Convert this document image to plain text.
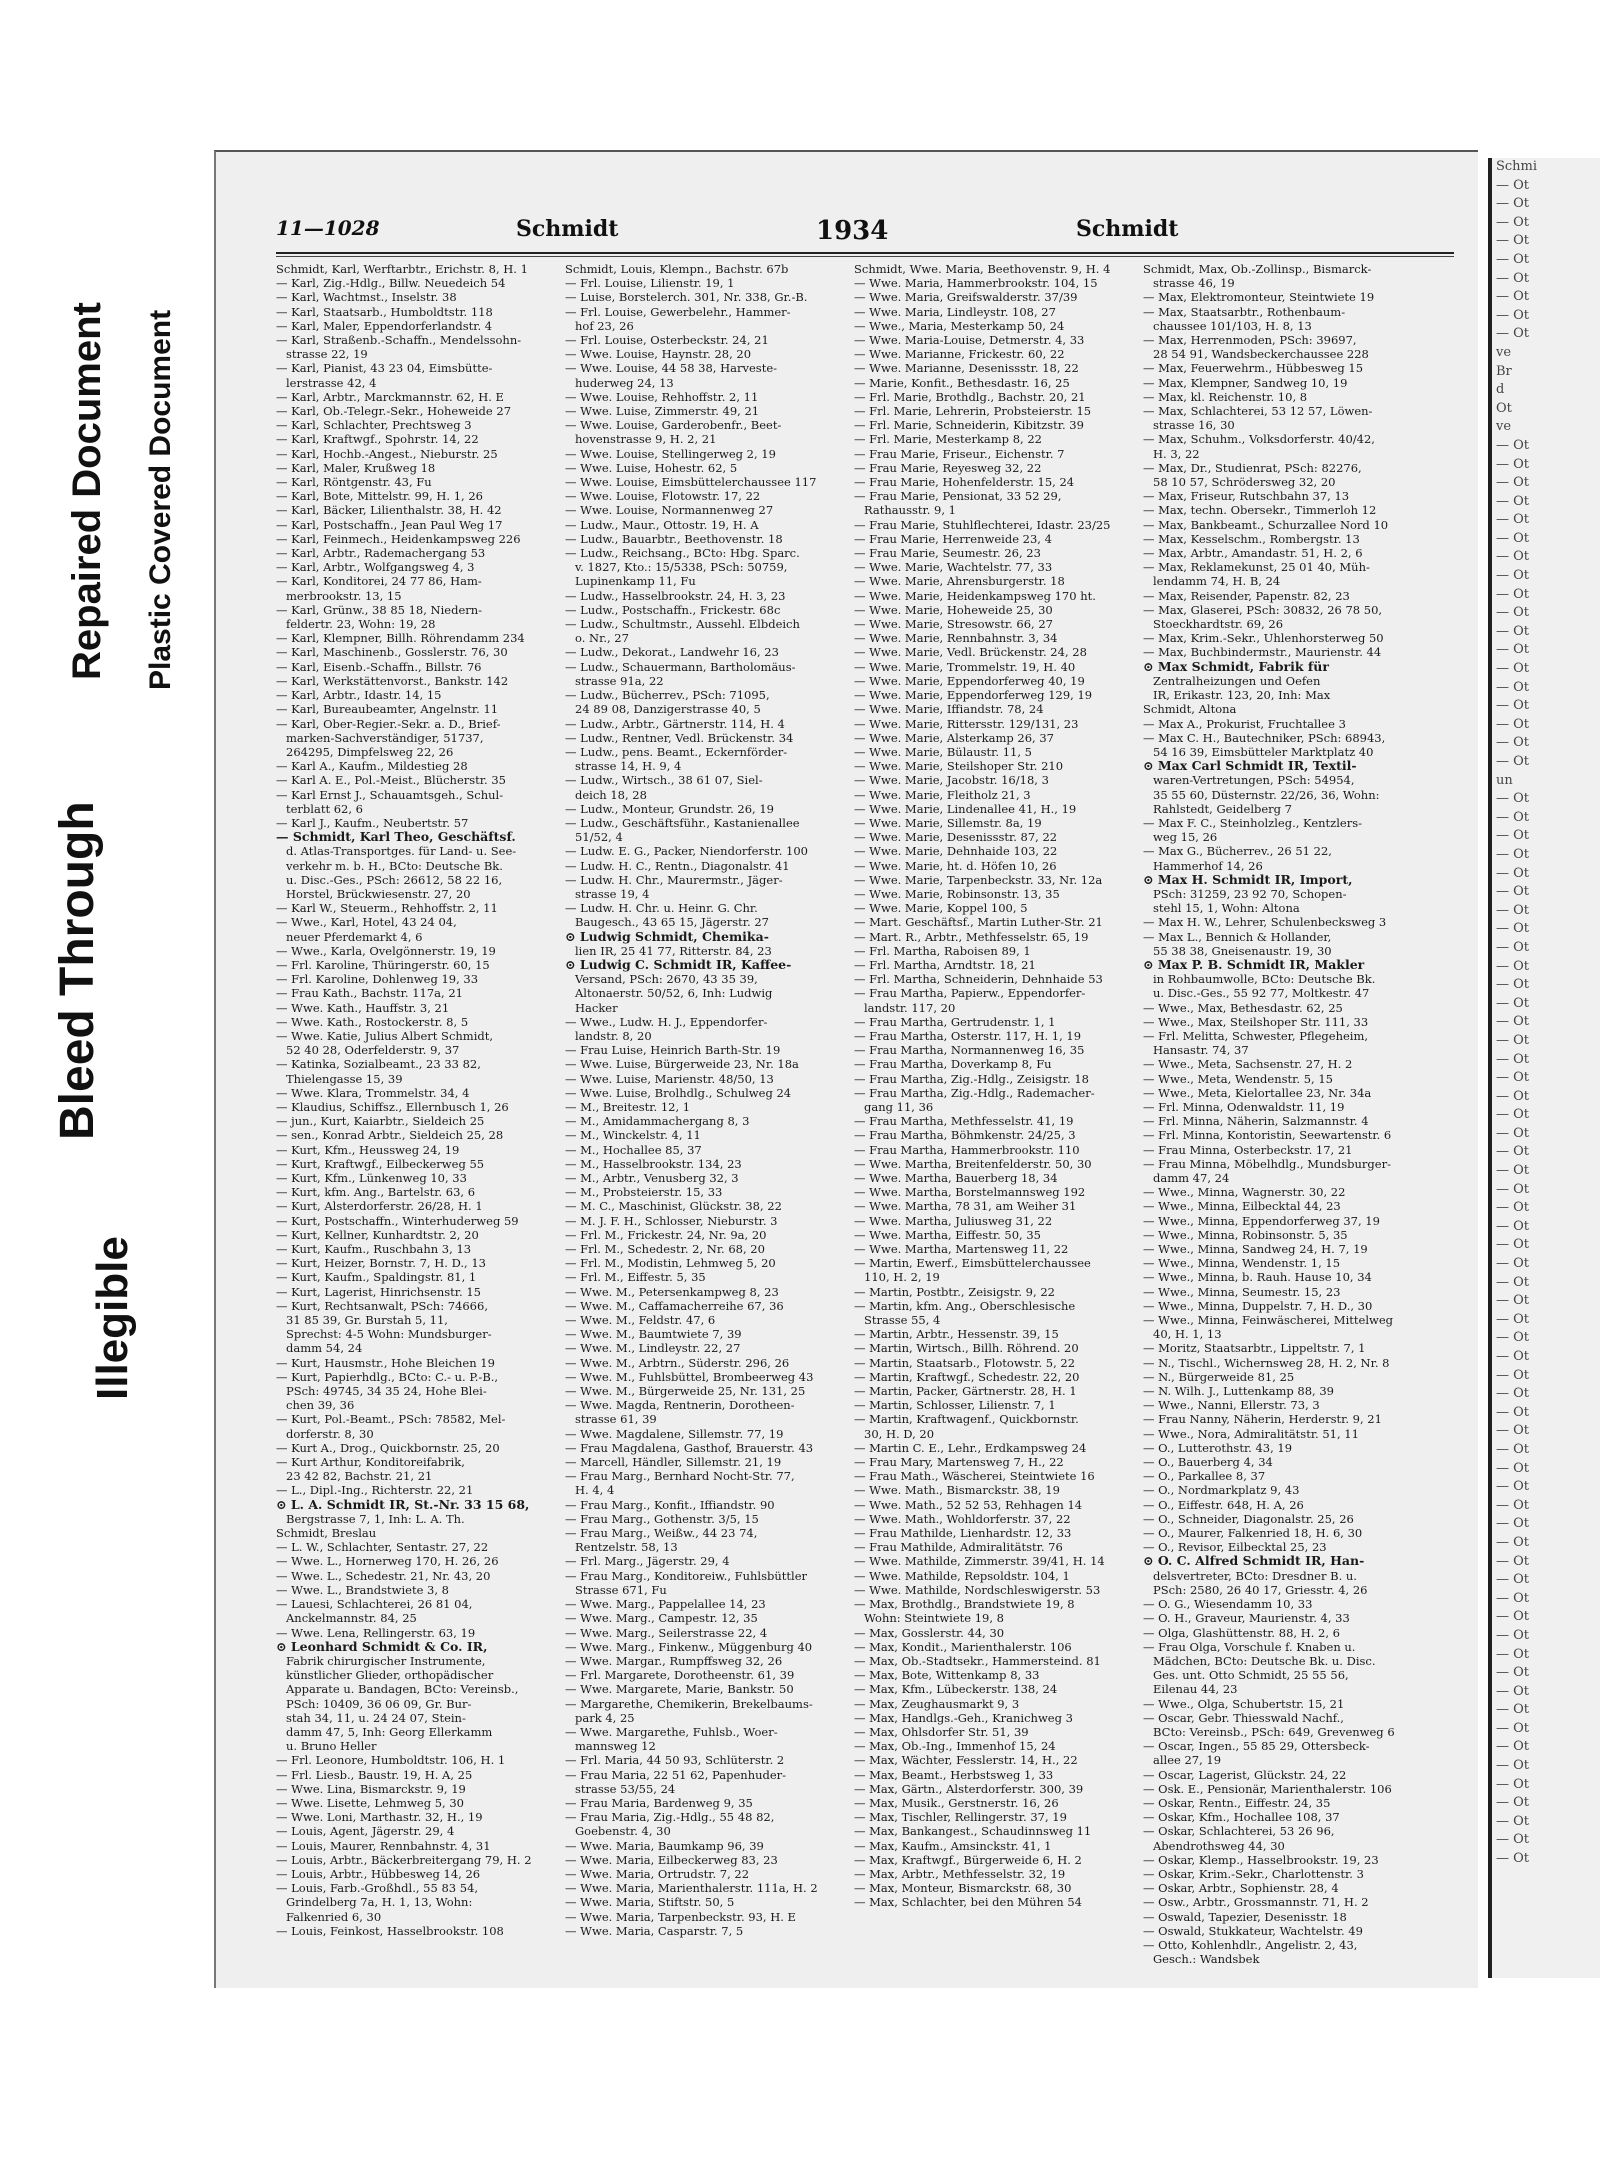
Illegible
Bleed Through
Repaired Document Plastic Covered Document
11—1028	Schmidt	1934	Schmidt

Schmidt, Karl, Werftarbtr., Erichstr. 8, H. 1

— Karl, Zig.-Hdlg., Billw. Neuedeich 54

— Karl, Wachtmst., Inselstr. 38

— Karl, Staatsarb., Humboldtstr. 118

— Karl, Maler, Eppendorferlandstr. 4

— Karl, Straßenb.-Schaffn., Mendelssohn-

strasse 22, 19

— Karl, Pianist, 43 23 04, Eimsbütte-

lerstrasse 42, 4

— Karl, Arbtr., Marckmannstr. 62, H. E

— Karl, Ob.-Telegr.-Sekr., Hoheweide 27

— Karl, Schlachter, Prechtsweg 3

— Karl, Kraftwgf., Spohrstr. 14, 22

— Karl, Hochb.-Angest., Nieburstr. 25

— Karl, Maler, Krußweg 18

— Karl, Röntgenstr. 43, Fu

— Karl, Bote, Mittelstr. 99, H. 1, 26

— Karl, Bäcker, Lilienthalstr. 38, H. 42

— Karl, Postschaffn., Jean Paul Weg 17

— Karl, Feinmech., Heidenkampsweg 226

— Karl, Arbtr., Rademachergang 53

— Karl, Arbtr., Wolfgangsweg 4, 3

— Karl, Konditorei, 24 77 86, Ham-

merbrookstr. 13, 15

— Karl, Grünw., 38 85 18, Niedern-

feldertr. 23, Wohn: 19, 28

— Karl, Klempner, Billh. Röhrendamm 234

— Karl, Maschinenb., Gosslerstr. 76, 30

— Karl, Eisenb.-Schaffn., Billstr. 76

— Karl, Werkstättenvorst., Bankstr. 142

— Karl, Arbtr., Idastr. 14, 15

— Karl, Bureaubeamter, Angelnstr. 11

— Karl, Ober-Regier.-Sekr. a. D., Brief-

marken-Sachverständiger, 51737,

264295, Dimpfelsweg 22, 26

— Karl A., Kaufm., Mildestieg 28

— Karl A. E., Pol.-Meist., Blücherstr. 35

— Karl Ernst J., Schauamtsgeh., Schul-

terblatt 62, 6

— Karl J., Kaufm., Neubertstr. 57

— Schmidt, Karl Theo, Geschäftsf.

d. Atlas-Transportges. für Land- u. See-

verkehr m. b. H., BCto: Deutsche Bk.

u. Disc.-Ges., PSch: 26612, 58 22 16,

Horstel, Brückwiesenstr. 27, 20

— Karl W., Steuerm., Rehhoffstr. 2, 11

— Wwe., Karl, Hotel, 43 24 04,

neuer Pferdemarkt 4, 6

— Wwe., Karla, Ovelgönnerstr. 19, 19

— Frl. Karoline, Thüringerstr. 60, 15

— Frl. Karoline, Dohlenweg 19, 33

— Frau Kath., Bachstr. 117a, 21

— Wwe. Kath., Hauffstr. 3, 21

— Wwe. Kath., Rostockerstr. 8, 5

— Wwe. Katie, Julius Albert Schmidt,

52 40 28, Oderfelderstr. 9, 37

— Katinka, Sozialbeamt., 23 33 82,

Thielengasse 15, 39

— Wwe. Klara, Trommelstr. 34, 4

— Klaudius, Schiffsz., Ellernbusch 1, 26

— jun., Kurt, Kaiarbtr., Sieldeich 25

— sen., Konrad Arbtr., Sieldeich 25, 28

— Kurt, Kfm., Heussweg 24, 19

— Kurt, Kraftwgf., Eilbeckerweg 55

— Kurt, Kfm., Lünkenweg 10, 33

— Kurt, kfm. Ang., Bartelstr. 63, 6

— Kurt, Alsterdorferstr. 26/28, H. 1

— Kurt, Postschaffn., Winterhuderweg 59

— Kurt, Kellner, Kunhardtstr. 2, 20

— Kurt, Kaufm., Ruschbahn 3, 13

— Kurt, Heizer, Bornstr. 7, H. D., 13

— Kurt, Kaufm., Spaldingstr. 81, 1

— Kurt, Lagerist, Hinrichsenstr. 15

— Kurt, Rechtsanwalt, PSch: 74666,

31 85 39, Gr. Burstah 5, 11,

Sprechst: 4-5 Wohn: Mundsburger-

damm 54, 24

— Kurt, Hausmstr., Hohe Bleichen 19

— Kurt, Papierhdlg., BCto: C.- u. P.-B.,

PSch: 49745, 34 35 24, Hohe Blei-

chen 39, 36

— Kurt, Pol.-Beamt., PSch: 78582, Mel-

dorferstr. 8, 30

— Kurt A., Drog., Quickbornstr. 25, 20

— Kurt Arthur, Konditoreifabrik,

23 42 82, Bachstr. 21, 21

— L., Dipl.-Ing., Richterstr. 22, 21

⊙ L. A. Schmidt IR, St.-Nr. 33 15 68,

Bergstrasse 7, 1, Inh: L. A. Th.

Schmidt, Breslau

— L. W., Schlachter, Sentastr. 27, 22

— Wwe. L., Hornerweg 170, H. 26, 26

— Wwe. L., Schedestr. 21, Nr. 43, 20

— Wwe. L., Brandstwiete 3, 8

— Lauesi, Schlachterei, 26 81 04,

Anckelmannstr. 84, 25

— Wwe. Lena, Rellingerstr. 63, 19

⊙ Leonhard Schmidt & Co. IR,

Fabrik chirurgischer Instrumente,

künstlicher Glieder, orthopädischer

Apparate u. Bandagen, BCto: Vereinsb.,

PSch: 10409, 36 06 09, Gr. Bur-

stah 34, 11, u. 24 24 07, Stein-

damm 47, 5, Inh: Georg Ellerkamm

u. Bruno Heller

— Frl. Leonore, Humboldtstr. 106, H. 1

— Frl. Liesb., Baustr. 19, H. A, 25

— Wwe. Lina, Bismarckstr. 9, 19

— Wwe. Lisette, Lehmweg 5, 30

— Wwe. Loni, Marthastr. 32, H., 19

— Louis, Agent, Jägerstr. 29, 4

— Louis, Maurer, Rennbahnstr. 4, 31

— Louis, Arbtr., Bäckerbreitergang 79, H. 2

— Louis, Arbtr., Hübbesweg 14, 26

— Louis, Farb.-Großhdl., 55 83 54,

Grindelberg 7a, H. 1, 13, Wohn:

Falkenried 6, 30

— Louis, Feinkost, Hasselbrookstr. 108

Schmidt, Louis, Klempn., Bachstr. 67b

— Frl. Louise, Lilienstr. 19, 1

— Luise, Borstelerch. 301, Nr. 338, Gr.-B.

— Frl. Louise, Gewerbelehr., Hammer-

hof 23, 26

— Frl. Louise, Osterbeckstr. 24, 21

— Wwe. Louise, Haynstr. 28, 20

— Wwe. Louise, 44 58 38, Harveste-

huderweg 24, 13

— Wwe. Louise, Rehhoffstr. 2, 11

— Wwe. Luise, Zimmerstr. 49, 21

— Wwe. Louise, Garderobenfr., Beet-

hovenstrasse 9, H. 2, 21

— Wwe. Louise, Stellingerweg 2, 19

— Wwe. Luise, Hohestr. 62, 5

— Wwe. Louise, Eimsbüttelerchaussee 117

— Wwe. Louise, Flotowstr. 17, 22

— Wwe. Louise, Normannenweg 27

— Ludw., Maur., Ottostr. 19, H. A

— Ludw., Bauarbtr., Beethovenstr. 18

— Ludw., Reichsang., BCto: Hbg. Sparc.

v. 1827, Kto.: 15/5338, PSch: 50759,

Lupinenkamp 11, Fu

— Ludw., Hasselbrookstr. 24, H. 3, 23

— Ludw., Postschaffn., Frickestr. 68c

— Ludw., Schultmstr., Aussehl. Elbdeich

o. Nr., 27

— Ludw., Dekorat., Landwehr 16, 23

— Ludw., Schauermann, Bartholomäus-

strasse 91a, 22

— Ludw., Bücherrev., PSch: 71095,

24 89 08, Danzigerstrasse 40, 5

— Ludw., Arbtr., Gärtnerstr. 114, H. 4

— Ludw., Rentner, Vedl. Brückenstr. 34

— Ludw., pens. Beamt., Eckernförder-

strasse 14, H. 9, 4

— Ludw., Wirtsch., 38 61 07, Siel-

deich 18, 28

— Ludw., Monteur, Grundstr. 26, 19

— Ludw., Geschäftsführ., Kastanienallee

51/52, 4

— Ludw. E. G., Packer, Niendorferstr. 100

— Ludw. H. C., Rentn., Diagonalstr. 41

— Ludw. H. Chr., Maurermstr., Jäger-

strasse 19, 4

— Ludw. H. Chr. u. Heinr. G. Chr.

Baugesch., 43 65 15, Jägerstr. 27

⊙ Ludwig Schmidt, Chemika-

lien IR, 25 41 77, Ritterstr. 84, 23

⊙ Ludwig C. Schmidt IR, Kaffee-

Versand, PSch: 2670, 43 35 39,

Altonaerstr. 50/52, 6, Inh: Ludwig

Hacker

— Wwe., Ludw. H. J., Eppendorfer-

landstr. 8, 20

— Frau Luise, Heinrich Barth-Str. 19

— Wwe. Luise, Bürgerweide 23, Nr. 18a

— Wwe. Luise, Marienstr. 48/50, 13

— Wwe. Luise, Brolhdlg., Schulweg 24

— M., Breitestr. 12, 1

— M., Amidammachergang 8, 3

— M., Winckelstr. 4, 11

— M., Hochallee 85, 37

— M., Hasselbrookstr. 134, 23

— M., Arbtr., Venusberg 32, 3

— M., Probsteierstr. 15, 33

— M. C., Maschinist, Glückstr. 38, 22

— M. J. F. H., Schlosser, Nieburstr. 3

— Frl. M., Frickestr. 24, Nr. 9a, 20

— Frl. M., Schedestr. 2, Nr. 68, 20

— Frl. M., Modistin, Lehmweg 5, 20

— Frl. M., Eiffestr. 5, 35

— Wwe. M., Petersenkampweg 8, 23

— Wwe. M., Caffamacherreihe 67, 36

— Wwe. M., Feldstr. 47, 6

— Wwe. M., Baumtwiete 7, 39

— Wwe. M., Lindleystr. 22, 27

— Wwe. M., Arbtrn., Süderstr. 296, 26

— Wwe. M., Fuhlsbüttel, Brombeerweg 43

— Wwe. M., Bürgerweide 25, Nr. 131, 25

— Wwe. Magda, Rentnerin, Dorotheen-

strasse 61, 39

— Wwe. Magdalene, Sillemstr. 77, 19

— Frau Magdalena, Gasthof, Brauerstr. 43

— Marcell, Händler, Sillemstr. 21, 19

— Frau Marg., Bernhard Nocht-Str. 77,

H. 4, 4

— Frau Marg., Konfit., Iffiandstr. 90

— Frau Marg., Gothenstr. 3/5, 15

— Frau Marg., Weißw., 44 23 74,

Rentzelstr. 58, 13

— Frl. Marg., Jägerstr. 29, 4

— Frau Marg., Konditoreiw., Fuhlsbüttler

Strasse 671, Fu

— Wwe. Marg., Pappelallee 14, 23

— Wwe. Marg., Campestr. 12, 35

— Wwe. Marg., Seilerstrasse 22, 4

— Wwe. Marg., Finkenw., Müggenburg 40

— Wwe. Margar., Rumpffsweg 32, 26

— Frl. Margarete, Dorotheenstr. 61, 39

— Wwe. Margarete, Marie, Bankstr. 50

— Margarethe, Chemikerin, Brekelbaums-

park 4, 25

— Wwe. Margarethe, Fuhlsb., Woer-

mannsweg 12

— Frl. Maria, 44 50 93, Schlüterstr. 2

— Frau Maria, 22 51 62, Papenhuder-

strasse 53/55, 24

— Frau Maria, Bardenweg 9, 35

— Frau Maria, Zig.-Hdlg., 55 48 82,

Goebenstr. 4, 30

— Wwe. Maria, Baumkamp 96, 39

— Wwe. Maria, Eilbeckerweg 83, 23

— Wwe. Maria, Ortrudstr. 7, 22

— Wwe. Maria, Marienthalerstr. 111a, H. 2

— Wwe. Maria, Stiftstr. 50, 5

— Wwe. Maria, Tarpenbeckstr. 93, H. E

— Wwe. Maria, Casparstr. 7, 5

Schmidt, Wwe. Maria, Beethovenstr. 9, H. 4

— Wwe. Maria, Hammerbrookstr. 104, 15

— Wwe. Maria, Greifswalderstr. 37/39

— Wwe. Maria, Lindleystr. 108, 27

— Wwe., Maria, Mesterkamp 50, 24

— Wwe. Maria-Louise, Detmerstr. 4, 33

— Wwe. Marianne, Frickestr. 60, 22

— Wwe. Marianne, Desenissstr. 18, 22

— Marie, Konfit., Bethesdastr. 16, 25

— Frl. Marie, Brothdlg., Bachstr. 20, 21

— Frl. Marie, Lehrerin, Probsteierstr. 15

— Frl. Marie, Schneiderin, Kibitzstr. 39

— Frl. Marie, Mesterkamp 8, 22

— Frau Marie, Friseur., Eichenstr. 7

— Frau Marie, Reyesweg 32, 22

— Frau Marie, Hohenfelderstr. 15, 24

— Frau Marie, Pensionat, 33 52 29,

Rathausstr. 9, 1

— Frau Marie, Stuhlflechterei, Idastr. 23/25

— Frau Marie, Herrenweide 23, 4

— Frau Marie, Seumestr. 26, 23

— Wwe. Marie, Wachtelstr. 77, 33

— Wwe. Marie, Ahrensburgerstr. 18

— Wwe. Marie, Heidenkampsweg 170 ht.

— Wwe. Marie, Hoheweide 25, 30

— Wwe. Marie, Stresowstr. 66, 27

— Wwe. Marie, Rennbahnstr. 3, 34

— Wwe. Marie, Vedl. Brückenstr. 24, 28

— Wwe. Marie, Trommelstr. 19, H. 40

— Wwe. Marie, Eppendorferweg 40, 19

— Wwe. Marie, Eppendorferweg 129, 19

— Wwe. Marie, Iffiandstr. 78, 24

— Wwe. Marie, Rittersstr. 129/131, 23

— Wwe. Marie, Alsterkamp 26, 37

— Wwe. Marie, Bülaustr. 11, 5

— Wwe. Marie, Steilshoper Str. 210

— Wwe. Marie, Jacobstr. 16/18, 3

— Wwe. Marie, Fleitholz 21, 3

— Wwe. Marie, Lindenallee 41, H., 19

— Wwe. Marie, Sillemstr. 8a, 19

— Wwe. Marie, Desenissstr. 87, 22

— Wwe. Marie, Dehnhaide 103, 22

— Wwe. Marie, ht. d. Höfen 10, 26

— Wwe. Marie, Tarpenbeckstr. 33, Nr. 12a

— Wwe. Marie, Robinsonstr. 13, 35

— Wwe. Marie, Koppel 100, 5

— Mart. Geschäftsf., Martin Luther-Str. 21

— Mart. R., Arbtr., Methfesselstr. 65, 19

— Frl. Martha, Raboisen 89, 1

— Frl. Martha, Arndtstr. 18, 21

— Frl. Martha, Schneiderin, Dehnhaide 53

— Frau Martha, Papierw., Eppendorfer-

landstr. 117, 20

— Frau Martha, Gertrudenstr. 1, 1

— Frau Martha, Osterstr. 117, H. 1, 19

— Frau Martha, Normannenweg 16, 35

— Frau Martha, Doverkamp 8, Fu

— Frau Martha, Zig.-Hdlg., Zeisigstr. 18

— Frau Martha, Zig.-Hdlg., Rademacher-

gang 11, 36

— Frau Martha, Methfesselstr. 41, 19

— Frau Martha, Böhmkenstr. 24/25, 3

— Frau Martha, Hammerbrookstr. 110

— Wwe. Martha, Breitenfelderstr. 50, 30

— Wwe. Martha, Bauerberg 18, 34

— Wwe. Martha, Borstelmannsweg 192

— Wwe. Martha, 78 31, am Weiher 31

— Wwe. Martha, Juliusweg 31, 22

— Wwe. Martha, Eiffestr. 50, 35

— Wwe. Martha, Martensweg 11, 22

— Martin, Ewerf., Eimsbüttelerchaussee

110, H. 2, 19

— Martin, Postbtr., Zeisigstr. 9, 22

— Martin, kfm. Ang., Oberschlesische

Strasse 55, 4

— Martin, Arbtr., Hessenstr. 39, 15

— Martin, Wirtsch., Billh. Röhrend. 20

— Martin, Staatsarb., Flotowstr. 5, 22

— Martin, Kraftwgf., Schedestr. 22, 20

— Martin, Packer, Gärtnerstr. 28, H. 1

— Martin, Schlosser, Lilienstr. 7, 1

— Martin, Kraftwagenf., Quickbornstr.

30, H. D, 20

— Martin C. E., Lehr., Erdkampsweg 24

— Frau Mary, Martensweg 7, H., 22

— Frau Math., Wäscherei, Steintwiete 16

— Wwe. Math., Bismarckstr. 38, 19

— Wwe. Math., 52 52 53, Rehhagen 14

— Wwe. Math., Wohldorferstr. 37, 22

— Frau Mathilde, Lienhardstr. 12, 33

— Frau Mathilde, Admiralitätstr. 76

— Wwe. Mathilde, Zimmerstr. 39/41, H. 14

— Wwe. Mathilde, Repsoldstr. 104, 1

— Wwe. Mathilde, Nordschleswigerstr. 53

— Max, Brothdlg., Brandstwiete 19, 8

Wohn: Steintwiete 19, 8

— Max, Gosslerstr. 44, 30

— Max, Kondit., Marienthalerstr. 106

— Max, Ob.-Stadtsekr., Hammersteind. 81

— Max, Bote, Wittenkamp 8, 33

— Max, Kfm., Lübeckerstr. 138, 24

— Max, Zeughausmarkt 9, 3

— Max, Handlgs.-Geh., Kranichweg 3

— Max, Ohlsdorfer Str. 51, 39

— Max, Ob.-Ing., Immenhof 15, 24

— Max, Wächter, Fesslerstr. 14, H., 22

— Max, Beamt., Herbstsweg 1, 33

— Max, Gärtn., Alsterdorferstr. 300, 39

— Max, Musik., Gerstnerstr. 16, 26

— Max, Tischler, Rellingerstr. 37, 19

— Max, Bankangest., Schaudinnsweg 11

— Max, Kaufm., Amsinckstr. 41, 1

— Max, Kraftwgf., Bürgerweide 6, H. 2

— Max, Arbtr., Methfesselstr. 32, 19

— Max, Monteur, Bismarckstr. 68, 30

— Max, Schlachter, bei den Mühren 54

Schmidt, Max, Ob.-Zollinsp., Bismarck-

strasse 46, 19

— Max, Elektromonteur, Steintwiete 19

— Max, Staatsarbtr., Rothenbaum-

chaussee 101/103, H. 8, 13

— Max, Herrenmoden, PSch: 39697,

28 54 91, Wandsbeckerchaussee 228

— Max, Feuerwehrm., Hübbesweg 15

— Max, Klempner, Sandweg 10, 19

— Max, kl. Reichenstr. 10, 8

— Max, Schlachterei, 53 12 57, Löwen-

strasse 16, 30

— Max, Schuhm., Volksdorferstr. 40/42,

H. 3, 22

— Max, Dr., Studienrat, PSch: 82276,

58 10 57, Schrödersweg 32, 20

— Max, Friseur, Rutschbahn 37, 13

— Max, techn. Obersekr., Timmerloh 12

— Max, Bankbeamt., Schurzallee Nord 10

— Max, Kesselschm., Rombergstr. 13

— Max, Arbtr., Amandastr. 51, H. 2, 6

— Max, Reklamekunst, 25 01 40, Müh-

lendamm 74, H. B, 24

— Max, Reisender, Papenstr. 82, 23

— Max, Glaserei, PSch: 30832, 26 78 50,

Stoeckhardtstr. 69, 26

— Max, Krim.-Sekr., Uhlenhorsterweg 50

— Max, Buchbindermstr., Maurienstr. 44

⊙ Max Schmidt, Fabrik für

Zentralheizungen und Oefen

IR, Erikastr. 123, 20, Inh: Max

Schmidt, Altona

— Max A., Prokurist, Fruchtallee 3

— Max C. H., Bautechniker, PSch: 68943,

54 16 39, Eimsbütteler Marktplatz 40

⊙ Max Carl Schmidt IR, Textil-

waren-Vertretungen, PSch: 54954,

35 55 60, Düsternstr. 22/26, 36, Wohn:

Rahlstedt, Geidelberg 7

— Max F. C., Steinholzleg., Kentzlers-

weg 15, 26

— Max G., Bücherrev., 26 51 22,

Hammerhof 14, 26

⊙ Max H. Schmidt IR, Import,

PSch: 31259, 23 92 70, Schopen-

stehl 15, 1, Wohn: Altona

— Max H. W., Lehrer, Schulenbecksweg 3

— Max L., Bennich & Hollander,

55 38 38, Gneisenaustr. 19, 30

⊙ Max P. B. Schmidt IR, Makler

in Rohbaumwolle, BCto: Deutsche Bk.

u. Disc.-Ges., 55 92 77, Moltkestr. 47

— Wwe., Max, Bethesdastr. 62, 25

— Wwe., Max, Steilshoper Str. 111, 33

— Frl. Melitta, Schwester, Pflegeheim,

Hansastr. 74, 37

— Wwe., Meta, Sachsenstr. 27, H. 2

— Wwe., Meta, Wendenstr. 5, 15

— Wwe., Meta, Kielortallee 23, Nr. 34a

— Frl. Minna, Odenwaldstr. 11, 19

— Frl. Minna, Näherin, Salzmannstr. 4

— Frl. Minna, Kontoristin, Seewartenstr. 6

— Frau Minna, Osterbeckstr. 17, 21

— Frau Minna, Möbelhdlg., Mundsburger-

damm 47, 24

— Wwe., Minna, Wagnerstr. 30, 22

— Wwe., Minna, Eilbecktal 44, 23

— Wwe., Minna, Eppendorferweg 37, 19

— Wwe., Minna, Robinsonstr. 5, 35

— Wwe., Minna, Sandweg 24, H. 7, 19

— Wwe., Minna, Wendenstr. 1, 15

— Wwe., Minna, b. Rauh. Hause 10, 34

— Wwe., Minna, Seumestr. 15, 23

— Wwe., Minna, Duppelstr. 7, H. D., 30

— Wwe., Minna, Feinwäscherei, Mittelweg

40, H. 1, 13

— Moritz, Staatsarbtr., Lippeltstr. 7, 1

— N., Tischl., Wichernsweg 28, H. 2, Nr. 8

— N., Bürgerweide 81, 25

— N. Wilh. J., Luttenkamp 88, 39

— Wwe., Nanni, Ellerstr. 73, 3

— Frau Nanny, Näherin, Herderstr. 9, 21

— Wwe., Nora, Admiralitätstr. 51, 11

— O., Lutterothstr. 43, 19

— O., Bauerberg 4, 34

— O., Parkallee 8, 37

— O., Nordmarkplatz 9, 43

— O., Eiffestr. 648, H. A, 26

— O., Schneider, Diagonalstr. 25, 26

— O., Maurer, Falkenried 18, H. 6, 30

— O., Revisor, Eilbecktal 25, 23

⊙ O. C. Alfred Schmidt IR, Han-

delsvertreter, BCto: Dresdner B. u.

PSch: 2580, 26 40 17, Griesstr. 4, 26

— O. G., Wiesendamm 10, 33

— O. H., Graveur, Maurienstr. 4, 33

— Olga, Glashüttenstr. 88, H. 2, 6

— Frau Olga, Vorschule f. Knaben u.

Mädchen, BCto: Deutsche Bk. u. Disc.

Ges. unt. Otto Schmidt, 25 55 56,

Eilenau 44, 23

— Wwe., Olga, Schubertstr. 15, 21

— Oscar, Gebr. Thiesswald Nachf.,

BCto: Vereinsb., PSch: 649, Grevenweg 6

— Oscar, Ingen., 55 85 29, Ottersbeck-

allee 27, 19

— Oscar, Lagerist, Glückstr. 24, 22

— Osk. E., Pensionär, Marienthalerstr. 106

— Oskar, Rentn., Eiffestr. 24, 35

— Oskar, Kfm., Hochallee 108, 37

— Oskar, Schlachterei, 53 26 96,

Abendrothsweg 44, 30

— Oskar, Klemp., Hasselbrookstr. 19, 23

— Oskar, Krim.-Sekr., Charlottenstr. 3

— Oskar, Arbtr., Sophienstr. 28, 4

— Osw., Arbtr., Grossmannstr. 71, H. 2

— Oswald, Tapezier, Desenisstr. 18

— Oswald, Stukkateur, Wachtelstr. 49

— Otto, Kohlenhdlr., Angelistr. 2, 43,

Gesch.: Wandsbek

Schmi
— Ot
— Ot
— Ot
— Ot
— Ot
— Ot
— Ot
— Ot
— Ot
ve
Br
d
Ot
ve
— Ot
— Ot
— Ot
— Ot
— Ot
— Ot
— Ot
— Ot
— Ot
— Ot
— Ot
— Ot
— Ot
— Ot
— Ot
— Ot
— Ot
— Ot
un
— Ot
— Ot
— Ot
— Ot
— Ot
— Ot
— Ot
— Ot
— Ot
— Ot
— Ot
— Ot
— Ot
— Ot
— Ot
— Ot
— Ot
— Ot
— Ot
— Ot
— Ot
— Ot
— Ot
— Ot
— Ot
— Ot
— Ot
— Ot
— Ot
— Ot
— Ot
— Ot
— Ot
— Ot
— Ot
— Ot
— Ot
— Ot
— Ot
— Ot
— Ot
— Ot
— Ot
— Ot
— Ot
— Ot
— Ot
— Ot
— Ot
— Ot
— Ot
— Ot
— Ot
— Ot
— Ot
— Ot
— Ot
— Ot
